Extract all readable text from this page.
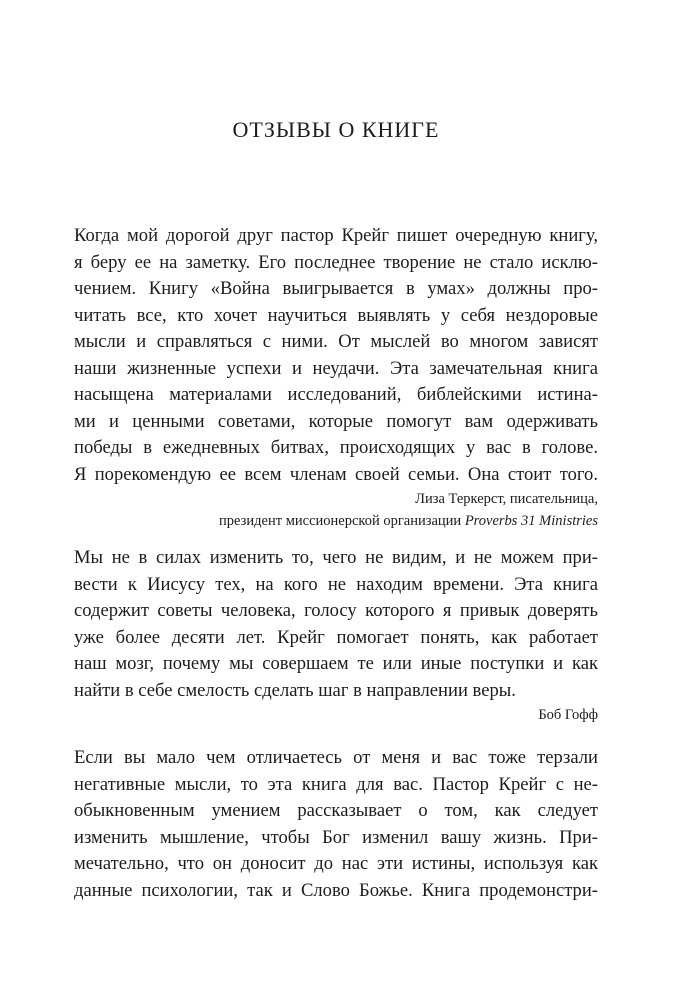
ОТЗЫВЫ О КНИГЕ
Когда мой дорогой друг пастор Крейг пишет очередную книгу,
я беру ее на заметку. Его последнее творение не стало исклю-
чением. Книгу «Война выигрывается в умах» должны про-
читать все, кто хочет научиться выявлять у себя нездоровые
мысли и справляться с ними. От мыслей во многом зависят
наши жизненные успехи и неудачи. Эта замечательная книга
насыщена материалами исследований, библейскими истина-
ми и ценными советами, которые помогут вам одерживать
победы в ежедневных битвах, происходящих у вас в голове.
Я порекомендую ее всем членам своей семьи. Она стоит того.
Лиза Теркерст, писательница,
президент миссионерской организации Proverbs 31 Ministries
Мы не в силах изменить то, чего не видим, и не можем при-
вести к Иисусу тех, на кого не находим времени. Эта книга
содержит советы человека, голосу которого я привык доверять
уже более десяти лет. Крейг помогает понять, как работает
наш мозг, почему мы совершаем те или иные поступки и как
найти в себе смелость сделать шаг в направлении веры.
Боб Гофф
Если вы мало чем отличаетесь от меня и вас тоже терзали
негативные мысли, то эта книга для вас. Пастор Крейг с не-
обыкновенным умением рассказывает о том, как следует
изменить мышление, чтобы Бог изменил вашу жизнь. При-
мечательно, что он доносит до нас эти истины, используя как
данные психологии, так и Слово Божье. Книга продемонстри-
